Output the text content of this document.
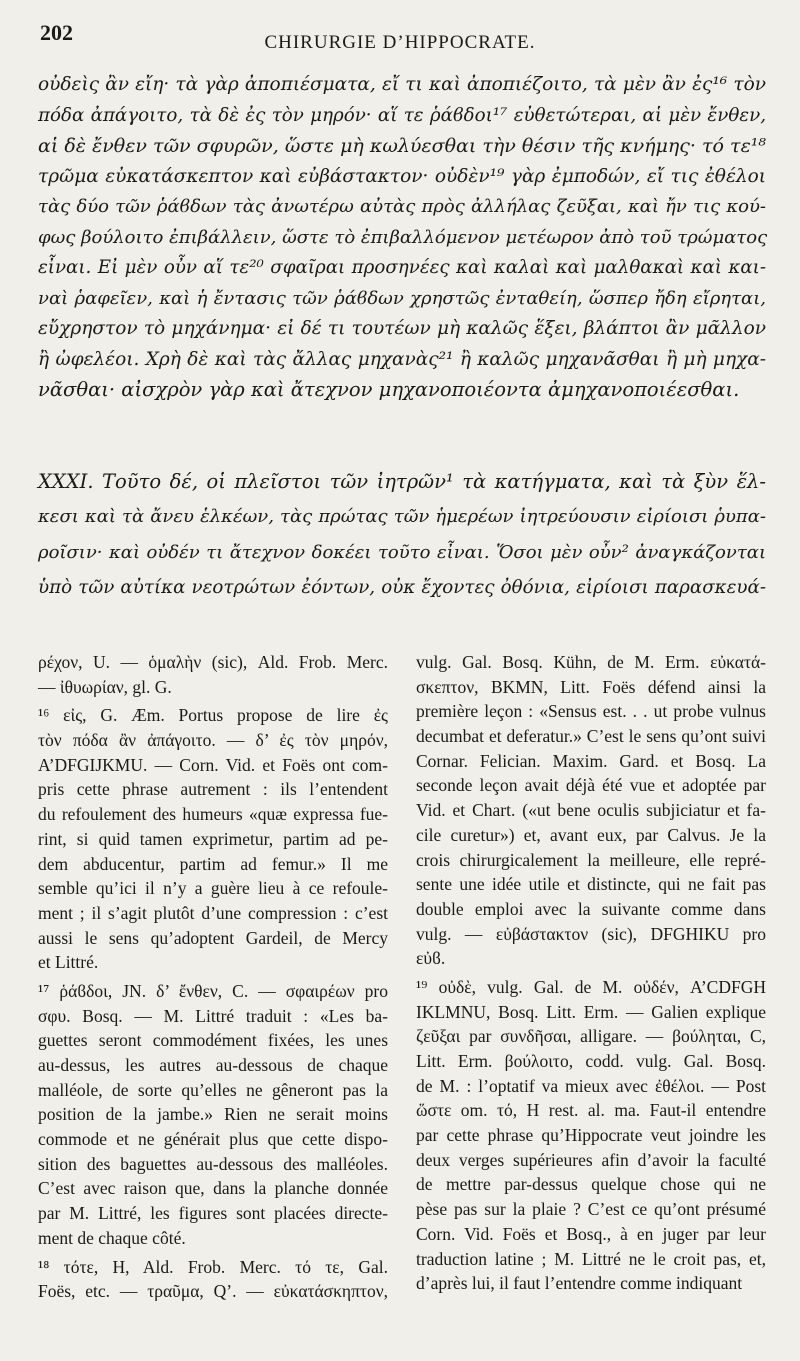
202	CHIRURGIE D’HIPPOCRATE.
οὐδεὶς ἂν εἴη· τὰ γὰρ ἀποπιέσματα, εἴ τι καὶ ἀποπιέζοιτο, τὰ μὲν ἂν ἐς¹⁶ τὸν
πόδα ἀπάγοιτο, τὰ δὲ ἐς τὸν μηρόν· αἵ τε ῥάϐδοι¹⁷ εὐθετώτεραι, αἱ μὲν ἔνθεν,
αἱ δὲ ἔνθεν τῶν σφυρῶν, ὥστε μὴ κωλύεσθαι τὴν θέσιν τῆς κνήμης· τό τε¹⁸
τρῶμα εὐκατάσκεπτον καὶ εὐβάστακτον· οὐδὲν¹⁹ γὰρ ἐμποδών, εἴ τις ἐθέλοι
τὰς δύο τῶν ῥάϐδων τὰς ἀνωτέρω αὐτὰς πρὸς ἀλλήλας ζεῦξαι, καὶ ἤν τις κού-
φως βούλοιτο ἐπιβάλλειν, ὥστε τὸ ἐπιβαλλόμενον μετέωρον ἀπὸ τοῦ τρώματος
εἶναι. Εἰ μὲν οὖν αἵ τε²⁰ σφαῖραι προσηνέες καὶ καλαὶ καὶ μαλθακαὶ καὶ και-
ναὶ ῥαφεῖεν, καὶ ἡ ἔντασις τῶν ῥάϐδων χρηστῶς ἐνταθείη, ὥσπερ ἤδη εἴρηται,
εὔχρηστον τὸ μηχάνημα· εἰ δέ τι τουτέων μὴ καλῶς ἕξει, βλάπτοι ἂν μᾶλλον
ἢ ὠφελέοι. Χρὴ δὲ καὶ τὰς ἄλλας μηχανὰς²¹ ἢ καλῶς μηχανᾶσθαι ἢ μὴ μηχα-
νᾶσθαι· αἰσχρὸν γὰρ καὶ ἄτεχνον μηχανοποιέοντα ἀμηχανοποιέεσθαι.
XXXI. Τοῦτο δέ, οἱ πλεῖστοι τῶν ἰητρῶν¹ τὰ κατήγματα, καὶ τὰ ξὺν ἕλ-
κεσι καὶ τὰ ἄνευ ἑλκέων, τὰς πρώτας τῶν ἡμερέων ἰητρεύουσιν εἰρίοισι ῥυπα-
ροῖσιν· καὶ οὐδέν τι ἄτεχνον δοκέει τοῦτο εἶναι. Ὅσοι μὲν οὖν² ἀναγκάζονται
ὑπὸ τῶν αὐτίκα νεοτρώτων ἐόντων, οὐκ ἔχοντες ὀθόνια, εἰρίοισι παρασκευά-
ρέχον, U. — ὁμαλὴν (sic), Ald. Frob. Merc.
— ἰθυωρίαν, gl. G.
¹⁶ εἰς, G. Æm. Portus propose de lire ἐς
τὸν πόδα ἂν ἀπάγοιτο. — δ’ ἐς τὸν μηρόν,
A’DFGIJKMU. — Corn. Vid. et Foës ont com-
pris cette phrase autrement : ils l’entendent
du refoulement des humeurs «quæ expressa fue-
rint, si quid tamen exprimetur, partim ad pe-
dem abducentur, partim ad femur.» Il me
semble qu’ici il n’y a guère lieu à ce refoule-
ment ; il s’agit plutôt d’une compression : c’est
aussi le sens qu’adoptent Gardeil, de Mercy
et Littré.
¹⁷ ῥάϐδοι, JN. δ’ ἔνθεν, C. — σφαιρέων pro
σφυ. Bosq. — M. Littré traduit : «Les ba-
guettes seront commodément fixées, les unes
au-dessus, les autres au-dessous de chaque
malléole, de sorte qu’elles ne gêneront pas la
position de la jambe.» Rien ne serait moins
commode et ne générait plus que cette dispo-
sition des baguettes au-dessous des malléoles.
C’est avec raison que, dans la planche donnée
par M. Littré, les figures sont placées directe-
ment de chaque côté.
¹⁸ τότε, H, Ald. Frob. Merc. τό τε, Gal.
Foës, etc. — τραῦμα, Q’. — εὐκατάσκηπτον,
vulg. Gal. Bosq. Kühn, de M. Erm. εὐκατά-
σκεπτον, BKMN, Litt. Foës défend ainsi la
première leçon : «Sensus est. . . ut probe vulnus
decumbat et deferatur.» C’est le sens qu’ont suivi
Cornar. Felician. Maxim. Gard. et Bosq. La
seconde leçon avait déjà été vue et adoptée par
Vid. et Chart. («ut bene oculis subjiciatur et fa-
cile curetur») et, avant eux, par Calvus. Je la
crois chirurgicalement la meilleure, elle repré-
sente une idée utile et distincte, qui ne fait pas
double emploi avec la suivante comme dans
vulg. — εὐβάστακτον (sic), DFGHIKU pro
εὐϐ.
¹⁹ οὐδὲ, vulg. Gal. de M. οὐδέν, A’CDFGH
IKLMNU, Bosq. Litt. Erm. — Galien explique
ζεῦξαι par συνδῆσαι, alligare. — βούληται, C,
Litt. Erm. βούλοιτο, codd. vulg. Gal. Bosq.
de M. : l’optatif va mieux avec ἐθέλοι. — Post
ὥστε om. τό, H rest. al. ma. Faut-il entendre
par cette phrase qu’Hippocrate veut joindre les
deux verges supérieures afin d’avoir la faculté
de mettre par-dessus quelque chose qui ne
pèse pas sur la plaie ? C’est ce qu’ont présumé
Corn. Vid. Foës et Bosq., à en juger par leur
traduction latine ; M. Littré ne le croit pas, et,
d’après lui, il faut l’entendre comme indiquant
